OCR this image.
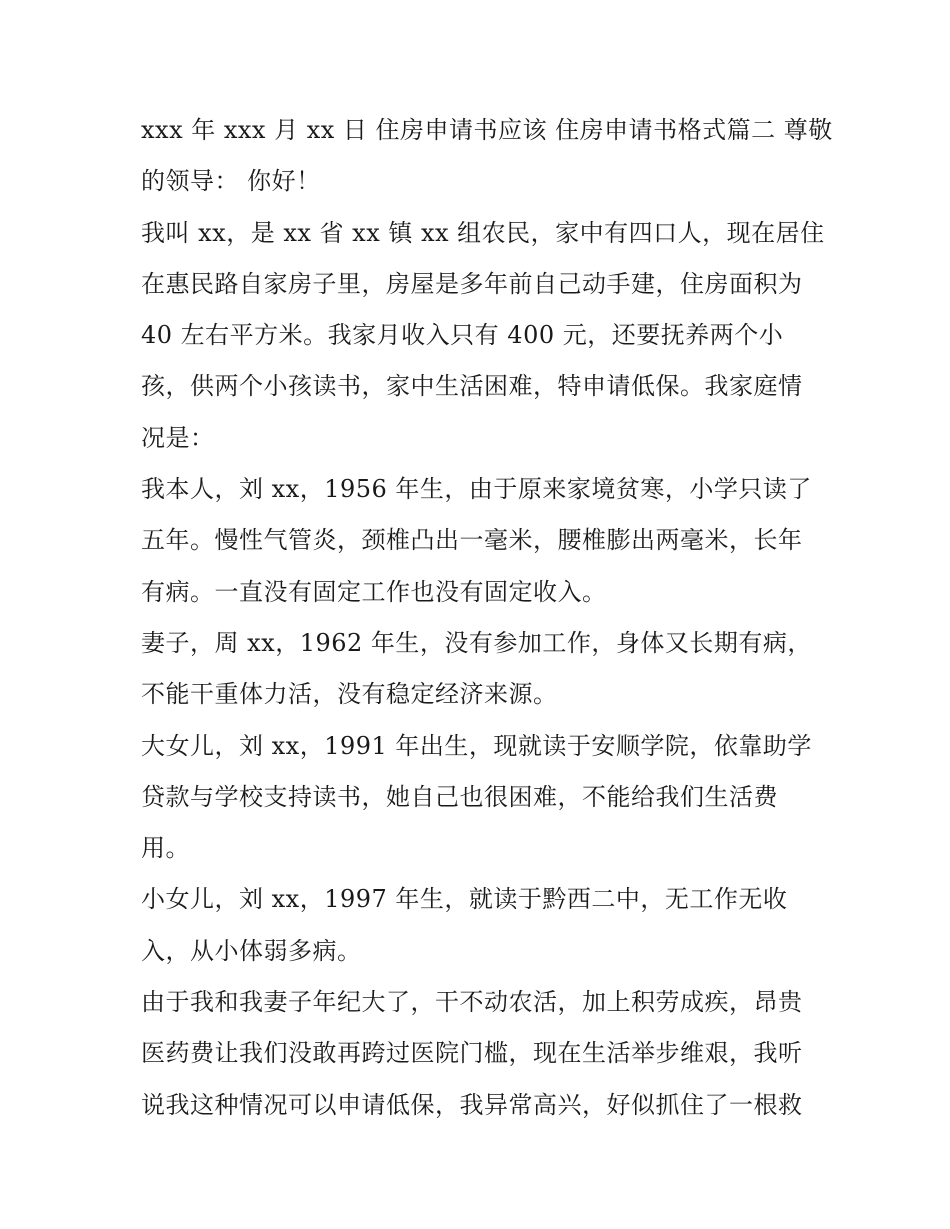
xxx 年 xxx 月 xx 日 住房申请书应该 住房申请书格式篇二 尊敬
的领导： 你好！
我叫 xx，是 xx 省 xx 镇 xx 组农民，家中有四口人，现在居住
在惠民路自家房子里，房屋是多年前自己动手建，住房面积为
40 左右平方米。我家月收入只有 400 元，还要抚养两个小
孩，供两个小孩读书，家中生活困难，特申请低保。我家庭情
况是：
我本人，刘 xx，1956 年生，由于原来家境贫寒，小学只读了
五年。慢性气管炎，颈椎凸出一毫米，腰椎膨出两毫米，长年
有病。一直没有固定工作也没有固定收入。
妻子，周 xx，1962 年生，没有参加工作，身体又长期有病，
不能干重体力活，没有稳定经济来源。
大女儿，刘 xx，1991 年出生，现就读于安顺学院，依靠助学
贷款与学校支持读书，她自己也很困难，不能给我们生活费
用。
小女儿，刘 xx，1997 年生，就读于黔西二中，无工作无收
入，从小体弱多病。
由于我和我妻子年纪大了，干不动农活，加上积劳成疾，昂贵
医药费让我们没敢再跨过医院门槛，现在生活举步维艰，我听
说我这种情况可以申请低保，我异常高兴，好似抓住了一根救
